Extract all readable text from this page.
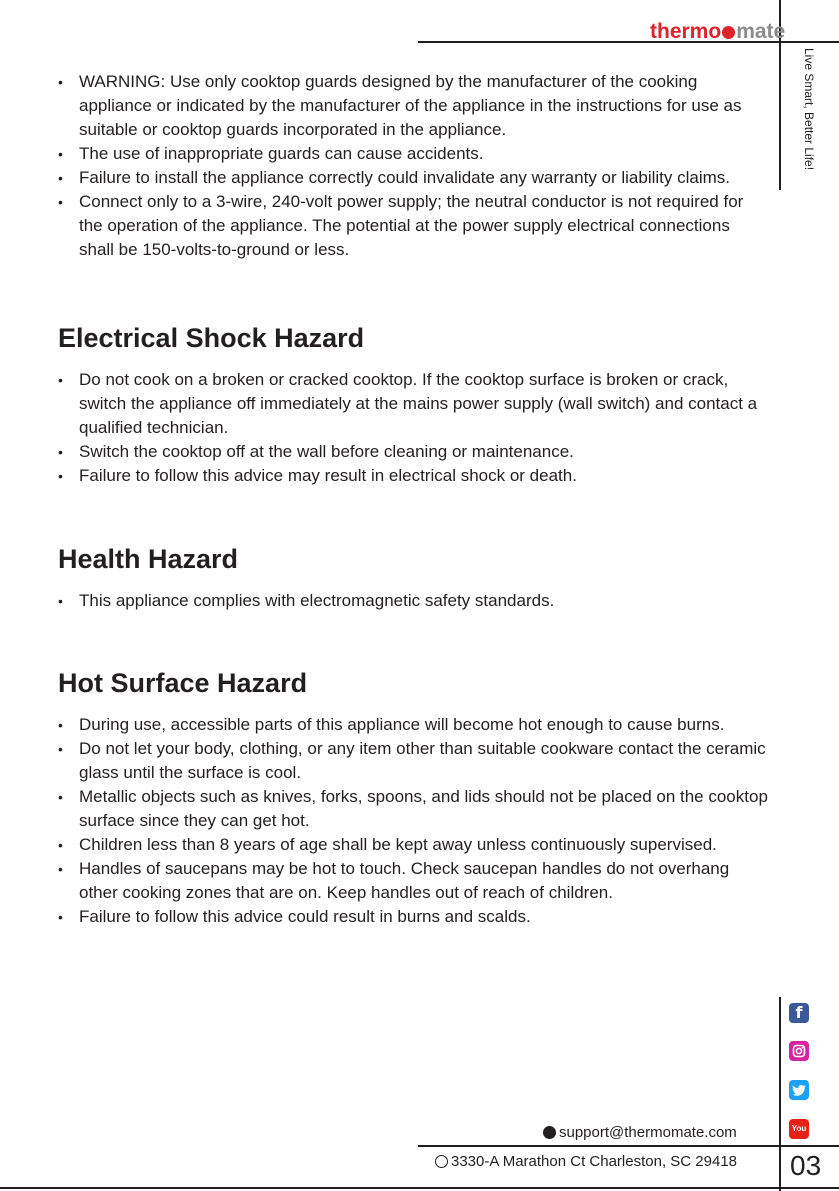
thermo mate
Live Smart, Better Life!
• WARNING: Use only cooktop guards designed by the manufacturer of the cooking appliance or indicated by the manufacturer of the appliance in the instructions for use as suitable or cooktop guards incorporated in the appliance.
• The use of inappropriate guards can cause accidents.
• Failure to install the appliance correctly could invalidate any warranty or liability claims.
• Connect only to a 3-wire, 240-volt power supply; the neutral conductor is not required for the operation of the appliance. The potential at the power supply electrical connections shall be 150-volts-to-ground or less.
Electrical Shock Hazard
• Do not cook on a broken or cracked cooktop. If the cooktop surface is broken or crack, switch the appliance off immediately at the mains power supply (wall switch) and contact a qualified technician.
• Switch the cooktop off at the wall before cleaning or maintenance.
• Failure to follow this advice may result in electrical shock or death.
Health Hazard
• This appliance complies with electromagnetic safety standards.
Hot Surface Hazard
• During use, accessible parts of this appliance will become hot enough to cause burns.
• Do not let your body, clothing, or any item other than suitable cookware contact the ceramic glass until the surface is cool.
• Metallic objects such as knives, forks, spoons, and lids should not be placed on the cooktop surface since they can get hot.
• Children less than 8 years of age shall be kept away unless continuously supervised.
• Handles of saucepans may be hot to touch. Check saucepan handles do not overhang other cooking zones that are on. Keep handles out of reach of children.
• Failure to follow this advice could result in burns and scalds.
f
You
support@thermomate.com
3330-A Marathon Ct Charleston, SC 29418 03
